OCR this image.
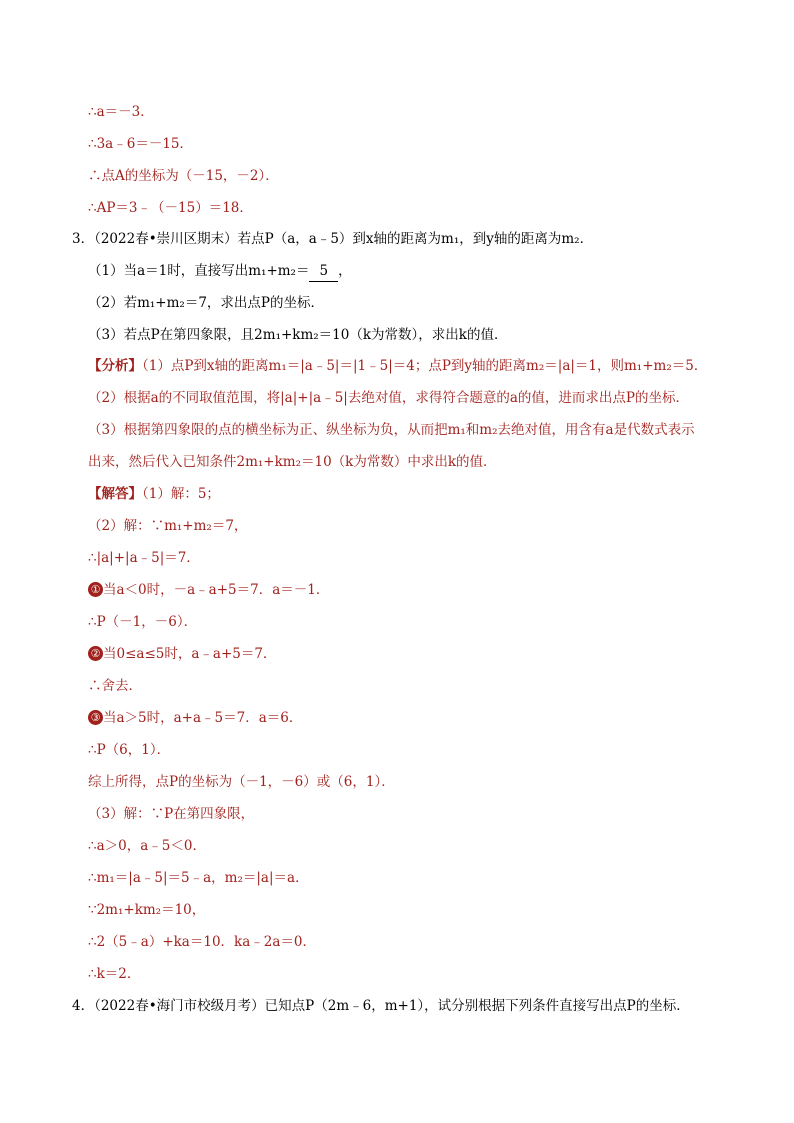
∴a＝－3．
∴3a﹣6＝－15．
∴点A的坐标为（－15，－2）．
∴AP＝3﹣（－15）＝18．
3．（2022春•崇川区期末）若点P（a，a﹣5）到x轴的距离为m₁，到y轴的距离为m₂．
（1）当a＝1时，直接写出m₁+m₂＝ 5 ，
（2）若m₁+m₂＝7，求出点P的坐标．
（3）若点P在第四象限，且2m₁+km₂＝10（k为常数），求出k的值．
【分析】（1）点P到x轴的距离m₁＝|a﹣5|＝|1﹣5|＝4；点P到y轴的距离m₂＝|a|＝1，则m₁+m₂＝5．
（2）根据a的不同取值范围，将|a|+|a﹣5|去绝对值，求得符合题意的a的值，进而求出点P的坐标．
（3）根据第四象限的点的横坐标为正、纵坐标为负，从而把m₁和m₂去绝对值，用含有a是代数式表示
出来，然后代入已知条件2m₁+km₂＝10（k为常数）中求出k的值．
【解答】（1）解：5；
（2）解：∵m₁+m₂＝7，
∴|a|+|a﹣5|＝7．
① 当a＜0时，－a﹣a+5＝7．a＝－1．
∴P（－1，－6）．
② 当0≤a≤5时，a﹣a+5＝7．
∴舍去．
③ 当a＞5时，a+a﹣5＝7．a＝6．
∴P（6，1）．
综上所得，点P的坐标为（－1，－6）或（6，1）．
（3）解：∵P在第四象限，
∴a＞0，a﹣5＜0．
∴m₁＝|a﹣5|＝5﹣a，m₂＝|a|＝a．
∵2m₁+km₂＝10，
∴2（5﹣a）+ka＝10．ka﹣2a＝0．
∴k＝2．
4．（2022春•海门市校级月考）已知点P（2m﹣6，m+1），试分别根据下列条件直接写出点P的坐标．
